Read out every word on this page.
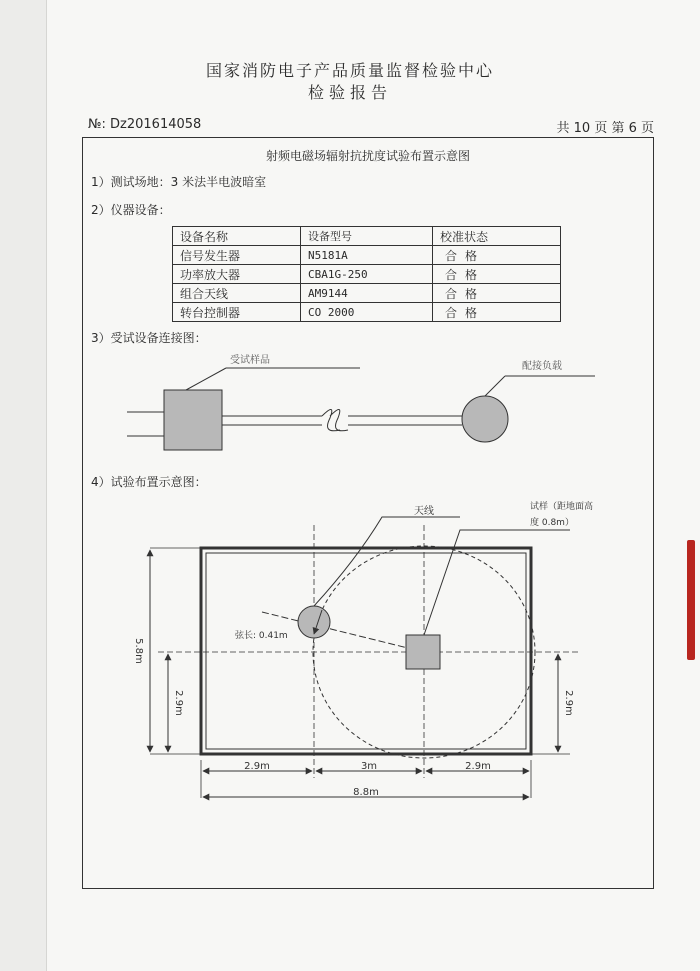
国家消防电子产品质量监督检验中心
检验报告
№: Dz201614058	共 10 页 第 6 页
射频电磁场辐射抗扰度试验布置示意图
1）测试场地：3 米法半电波暗室
2）仪器设备：
设备名称	设备型号	校准状态
信号发生器	N5181A	合格
功率放大器	CBA1G-250	合格
组合天线	AM9144	合格
转台控制器	CO 2000	合格
3）受试设备连接图：
4）试验布置示意图：
受试样品
配接负载
天线	试样（距地面高
度 0.8m）
弦长: 0.41m
5.8m
2.9m	2.9m
2.9m	3m	2.9m
8.8m
